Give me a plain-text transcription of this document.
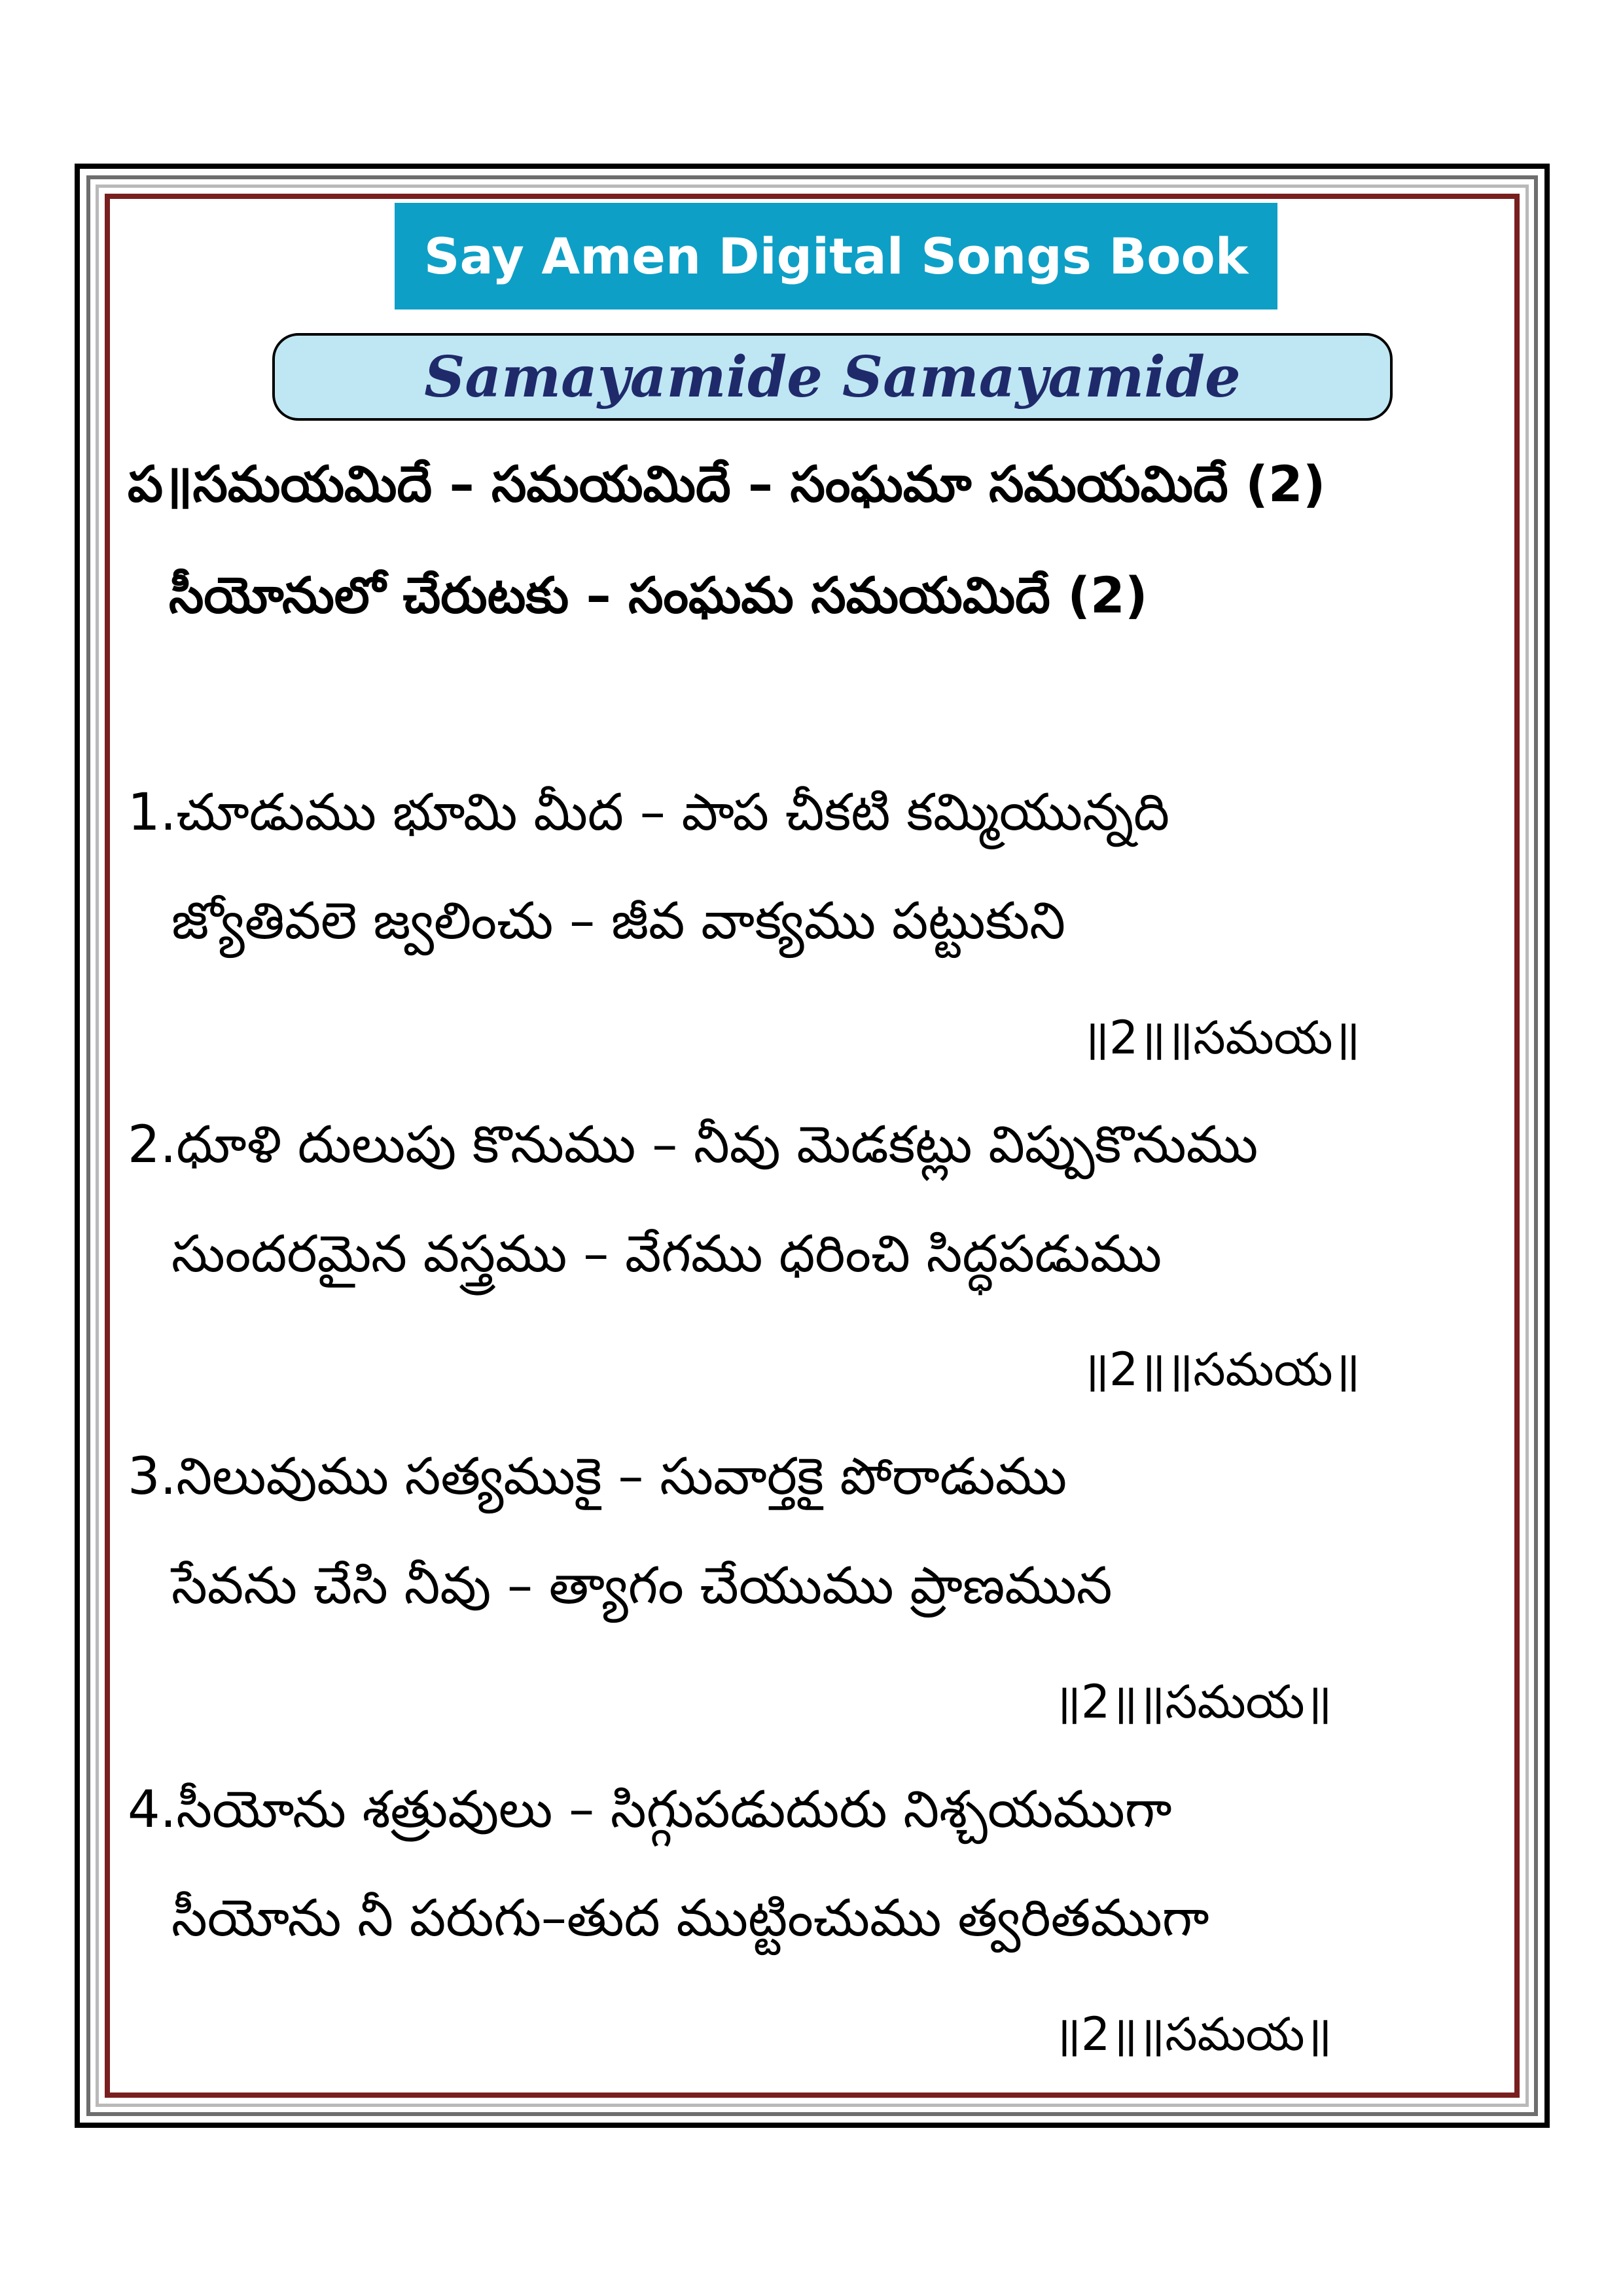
Say Amen Digital Songs Book
Samayamide Samayamide
ప॥సమయమిదే – సమయమిదే – సంఘమా సమయమిదే (2)
సీయోనులో చేరుటకు – సంఘమ సమయమిదే (2)
1.చూడుము భూమి మీద – పాప చీకటి కమ్మియున్నది
జ్యోతివలె జ్వలించు – జీవ వాక్యము పట్టుకుని
॥2॥॥సమయ॥
2.ధూళి దులుపు కొనుము – నీవు మెడకట్లు విప్పుకొనుము
సుందరమైన వస్త్రము – వేగము ధరించి సిద్ధపడుము
॥2॥॥సమయ॥
3.నిలువుము సత్యముకై – సువార్తకై పోరాడుము
సేవను చేసి నీవు – త్యాగం చేయుము ప్రాణమున
॥2॥॥సమయ॥
4.సీయోను శత్రువులు – సిగ్గుపడుదురు నిశ్చయముగా
సీయోను నీ పరుగు–తుద ముట్టించుము త్వరితముగా
॥2॥॥సమయ॥
